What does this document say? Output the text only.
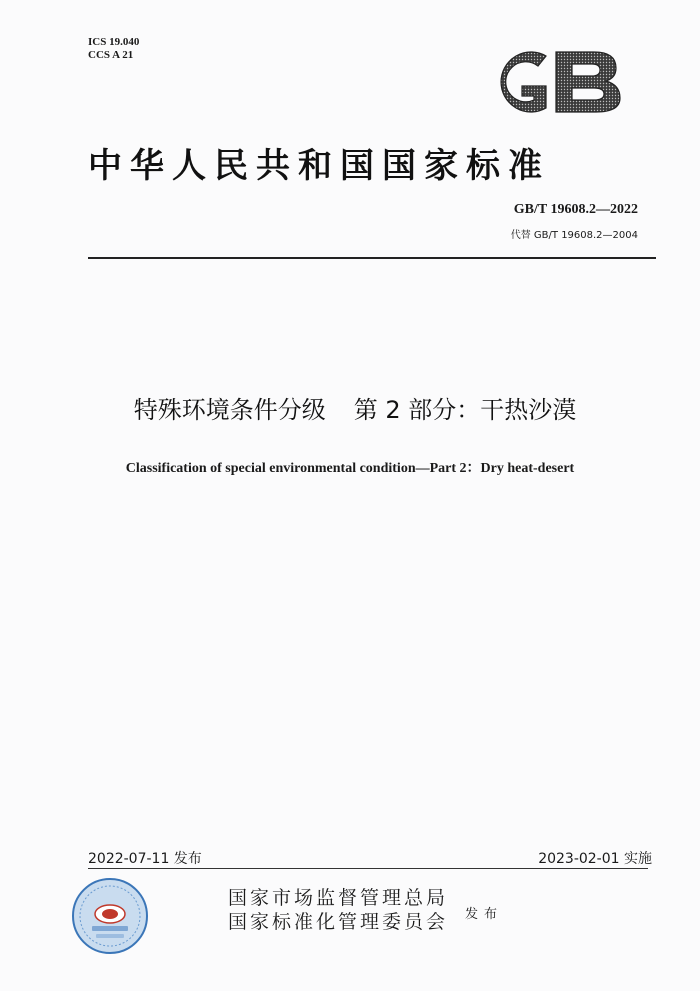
ICS 19.040
CCS A 21
中华人民共和国国家标准
GB/T 19608.2—2022
代替 GB/T 19608.2—2004
特殊环境条件分级 第 2 部分：干热沙漠
Classification of special environmental condition—Part 2：Dry heat-desert
2022-07-11 发布	2023-02-01 实施
国家市场监督管理总局
国家标准化管理委员会 发布
